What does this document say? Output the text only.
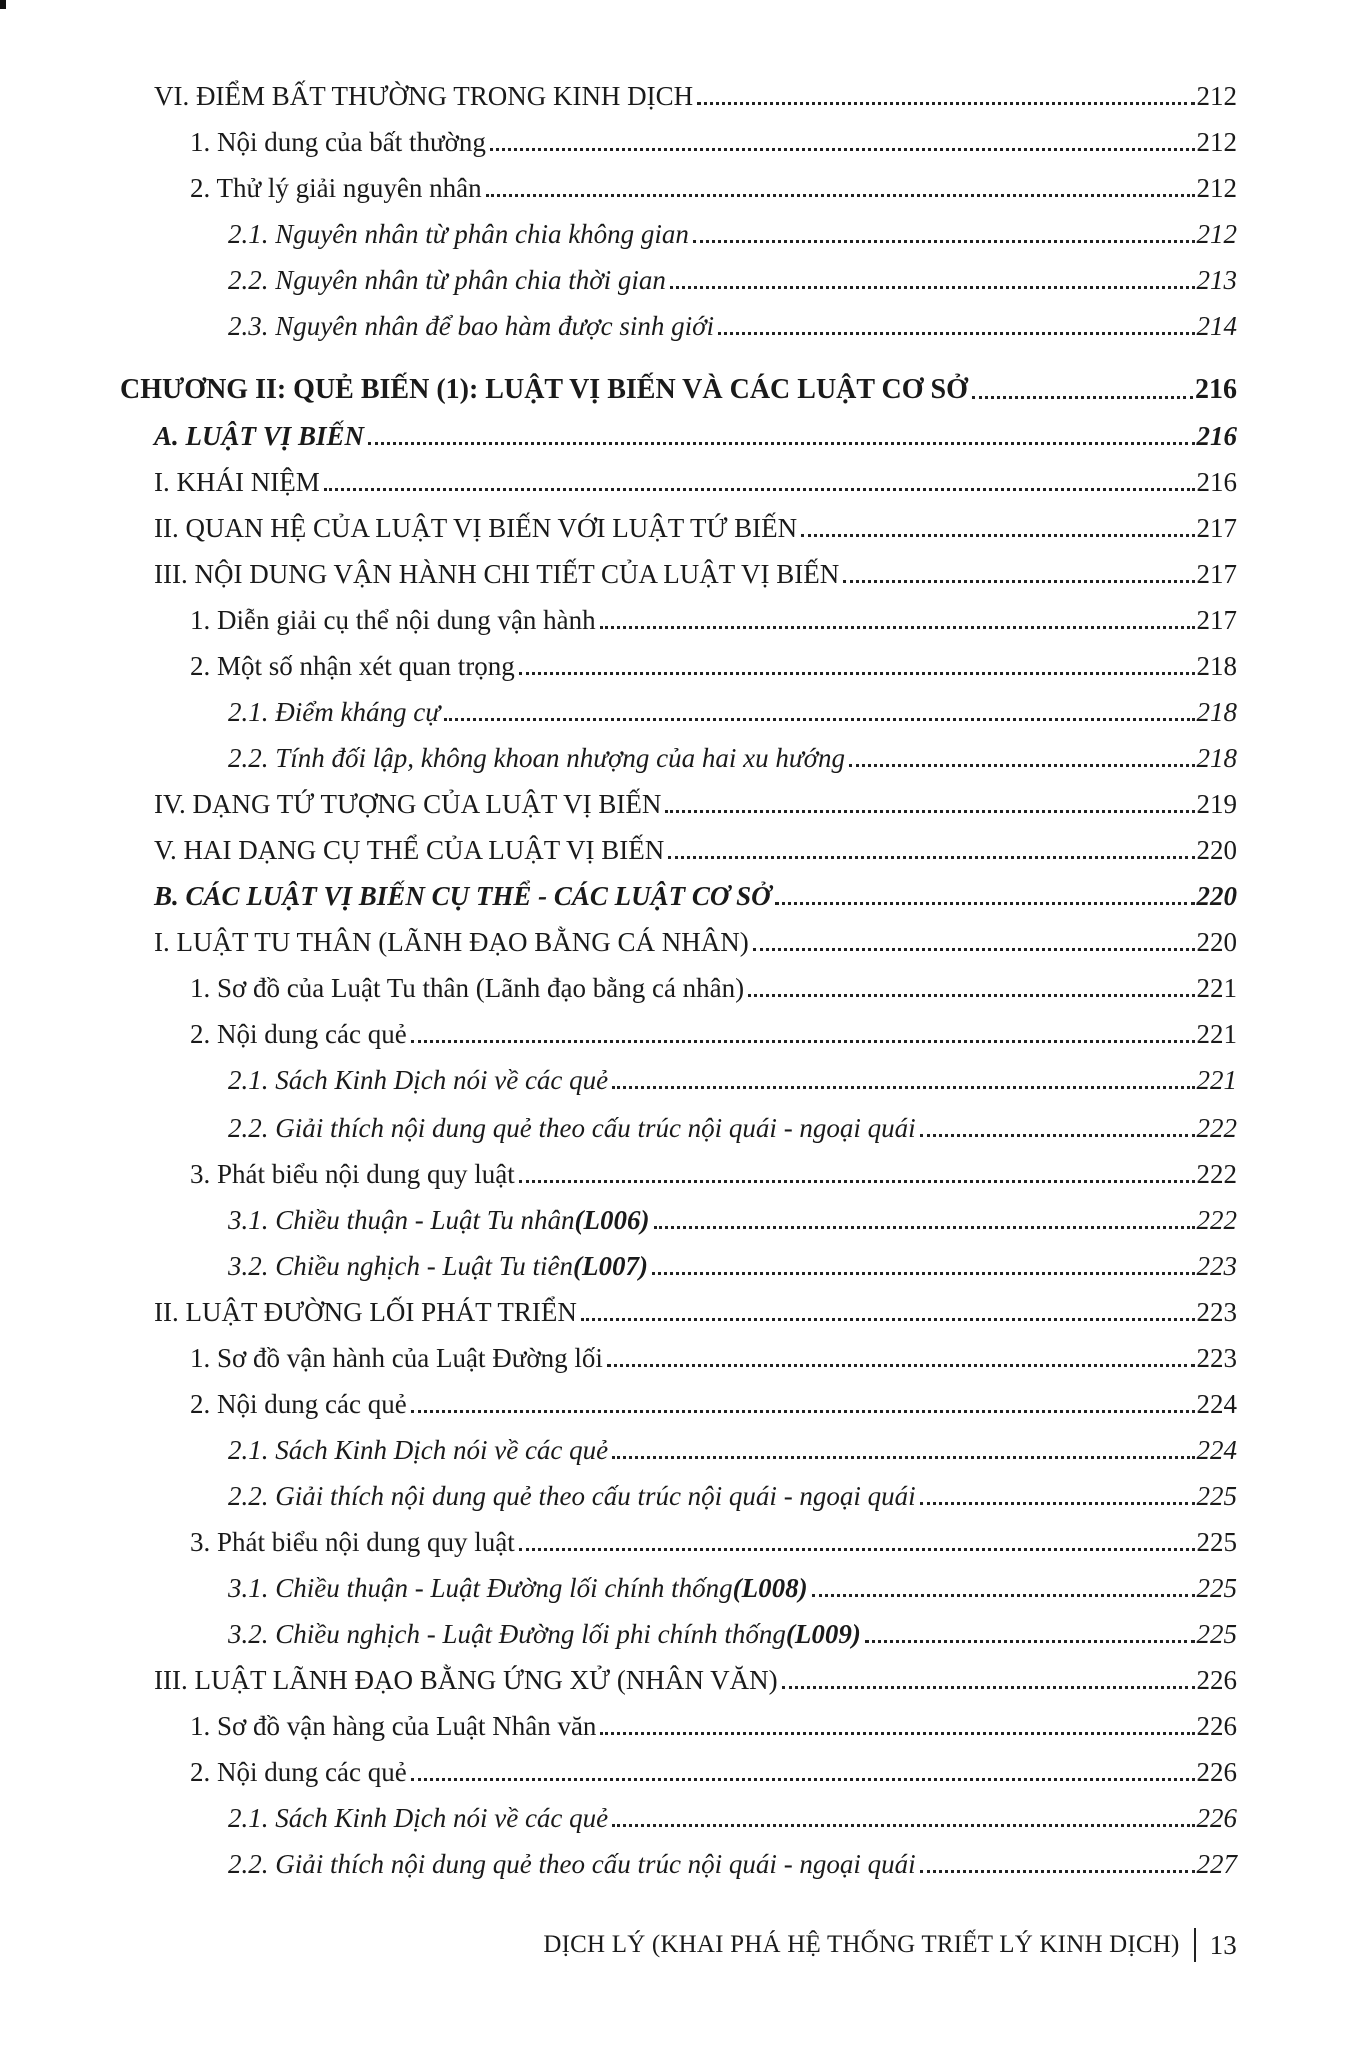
VI. ĐIỂM BẤT THƯỜNG TRONG KINH DỊCH	212
1. Nội dung của bất thường	212
2. Thử lý giải nguyên nhân	212
2.1. Nguyên nhân từ phân chia không gian	212
2.2. Nguyên nhân từ phân chia thời gian	213
2.3. Nguyên nhân để bao hàm được sinh giới	214
CHƯƠNG II: QUẺ BIẾN (1): LUẬT VỊ BIẾN VÀ CÁC LUẬT CƠ SỞ	216
A. LUẬT VỊ BIẾN	216
I. KHÁI NIỆM	216
II. QUAN HỆ CỦA LUẬT VỊ BIẾN VỚI LUẬT TỨ BIẾN	217
III. NỘI DUNG VẬN HÀNH CHI TIẾT CỦA LUẬT VỊ BIẾN	217
1. Diễn giải cụ thể nội dung vận hành	217
2. Một số nhận xét quan trọng	218
2.1. Điểm kháng cự	218
2.2. Tính đối lập, không khoan nhượng của hai xu hướng	218
IV. DẠNG TỨ TƯỢNG CỦA LUẬT VỊ BIẾN	219
V. HAI DẠNG CỤ THỂ CỦA LUẬT VỊ BIẾN	220
B. CÁC LUẬT VỊ BIẾN CỤ THỂ - CÁC LUẬT CƠ SỞ	220
I. LUẬT TU THÂN (LÃNH ĐẠO BẰNG CÁ NHÂN)	220
1. Sơ đồ của Luật Tu thân (Lãnh đạo bằng cá nhân)	221
2. Nội dung các quẻ	221
2.1. Sách Kinh Dịch nói về các quẻ	221
2.2. Giải thích nội dung quẻ theo cấu trúc nội quái - ngoại quái	222
3. Phát biểu nội dung quy luật	222
3.1. Chiều thuận - Luật Tu nhân (L006)	222
3.2. Chiều nghịch - Luật Tu tiên (L007)	223
II. LUẬT ĐƯỜNG LỐI PHÁT TRIỂN	223
1. Sơ đồ vận hành của Luật Đường lối	223
2. Nội dung các quẻ	224
2.1. Sách Kinh Dịch nói về các quẻ	224
2.2. Giải thích nội dung quẻ theo cấu trúc nội quái - ngoại quái	225
3. Phát biểu nội dung quy luật	225
3.1. Chiều thuận - Luật Đường lối chính thống (L008)	225
3.2. Chiều nghịch - Luật Đường lối phi chính thống (L009)	225
III. LUẬT LÃNH ĐẠO BẰNG ỨNG XỬ (NHÂN VĂN)	226
1. Sơ đồ vận hàng của Luật Nhân văn	226
2. Nội dung các quẻ	226
2.1. Sách Kinh Dịch nói về các quẻ	226
2.2. Giải thích nội dung quẻ theo cấu trúc nội quái - ngoại quái	227
DỊCH LÝ (KHAI PHÁ HỆ THỐNG TRIẾT LÝ KINH DỊCH) 13
